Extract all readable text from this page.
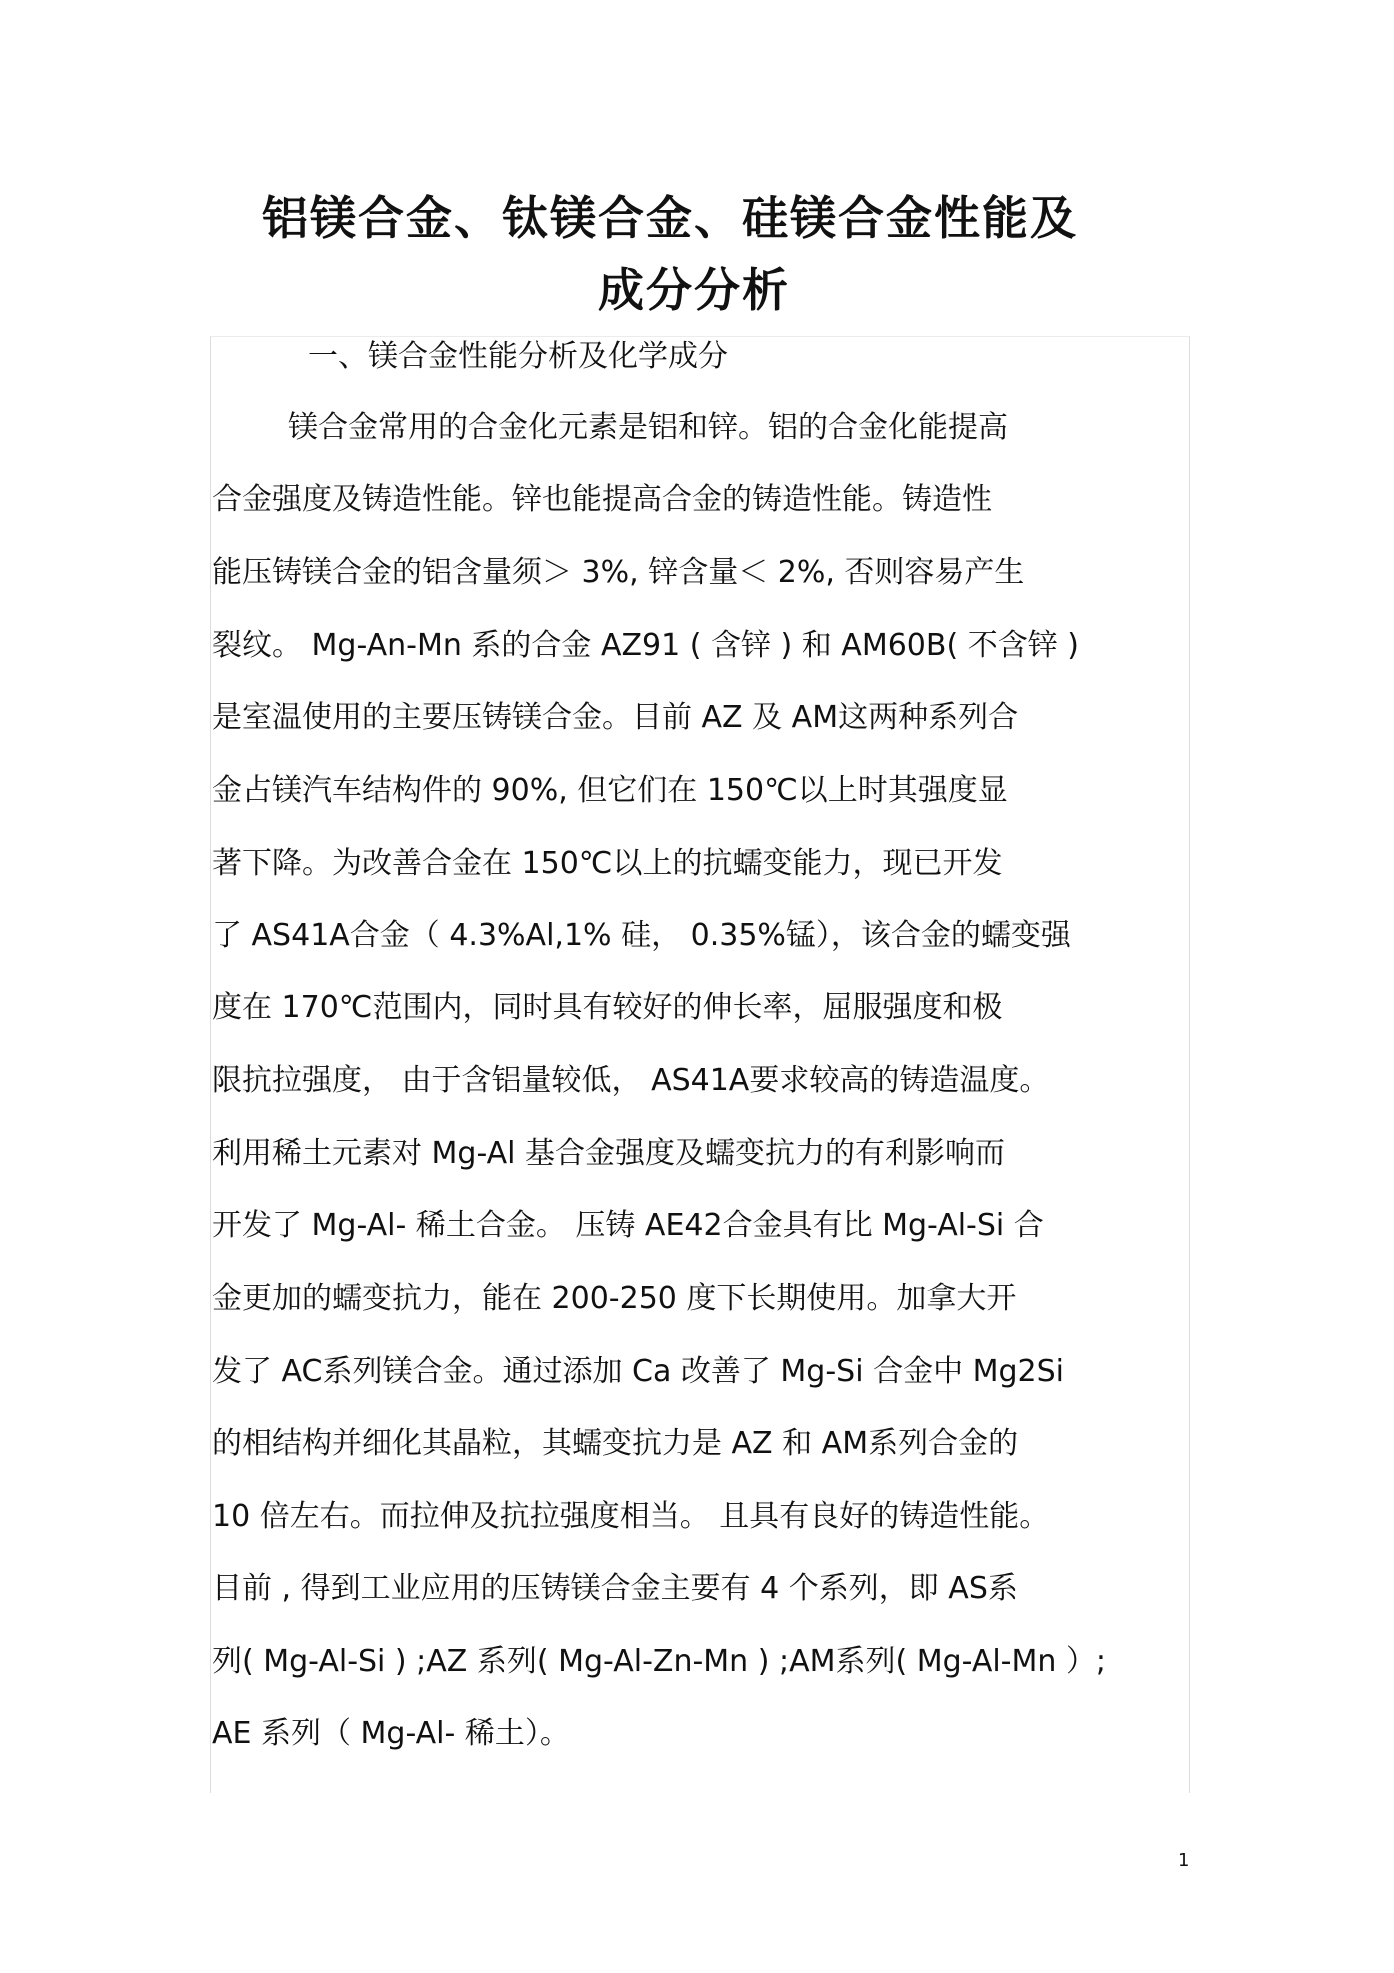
铝镁合金、钛镁合金、硅镁合金性能及
成分分析
一、镁合金性能分析及化学成分
镁合金常用的合金化元素是铝和锌。铝的合金化能提高
合金强度及铸造性能。锌也能提高合金的铸造性能。铸造性
能压铸镁合金的铝含量须＞ 3%, 锌含量＜ 2%, 否则容易产生
裂纹。 Mg-An-Mn 系的合金 AZ91 ( 含锌 ) 和 AM60B( 不含锌 )
是室温使用的主要压铸镁合金。目前 AZ 及 AM这两种系列合
金占镁汽车结构件的 90%, 但它们在 150℃以上时其强度显
著下降。为改善合金在 150℃以上的抗蠕变能力，现已开发
了 AS41A合金（ 4.3%Al,1% 硅， 0.35%锰），该合金的蠕变强
度在 170℃范围内，同时具有较好的伸长率，屈服强度和极
限抗拉强度， 由于含铝量较低， AS41A要求较高的铸造温度。
利用稀土元素对 Mg-Al 基合金强度及蠕变抗力的有利影响而
开发了 Mg-Al- 稀土合金。 压铸 AE42合金具有比 Mg-Al-Si 合
金更加的蠕变抗力，能在 200-250 度下长期使用。加拿大开
发了 AC系列镁合金。通过添加 Ca 改善了 Mg-Si 合金中 Mg2Si
的相结构并细化其晶粒，其蠕变抗力是 AZ 和 AM系列合金的
10 倍左右。而拉伸及抗拉强度相当。 且具有良好的铸造性能。
目前 , 得到工业应用的压铸镁合金主要有 4 个系列，即 AS系
列( Mg-Al-Si ) ;AZ 系列( Mg-Al-Zn-Mn ) ;AM系列( Mg-Al-Mn ）;
AE 系列（ Mg-Al- 稀土）。
1
